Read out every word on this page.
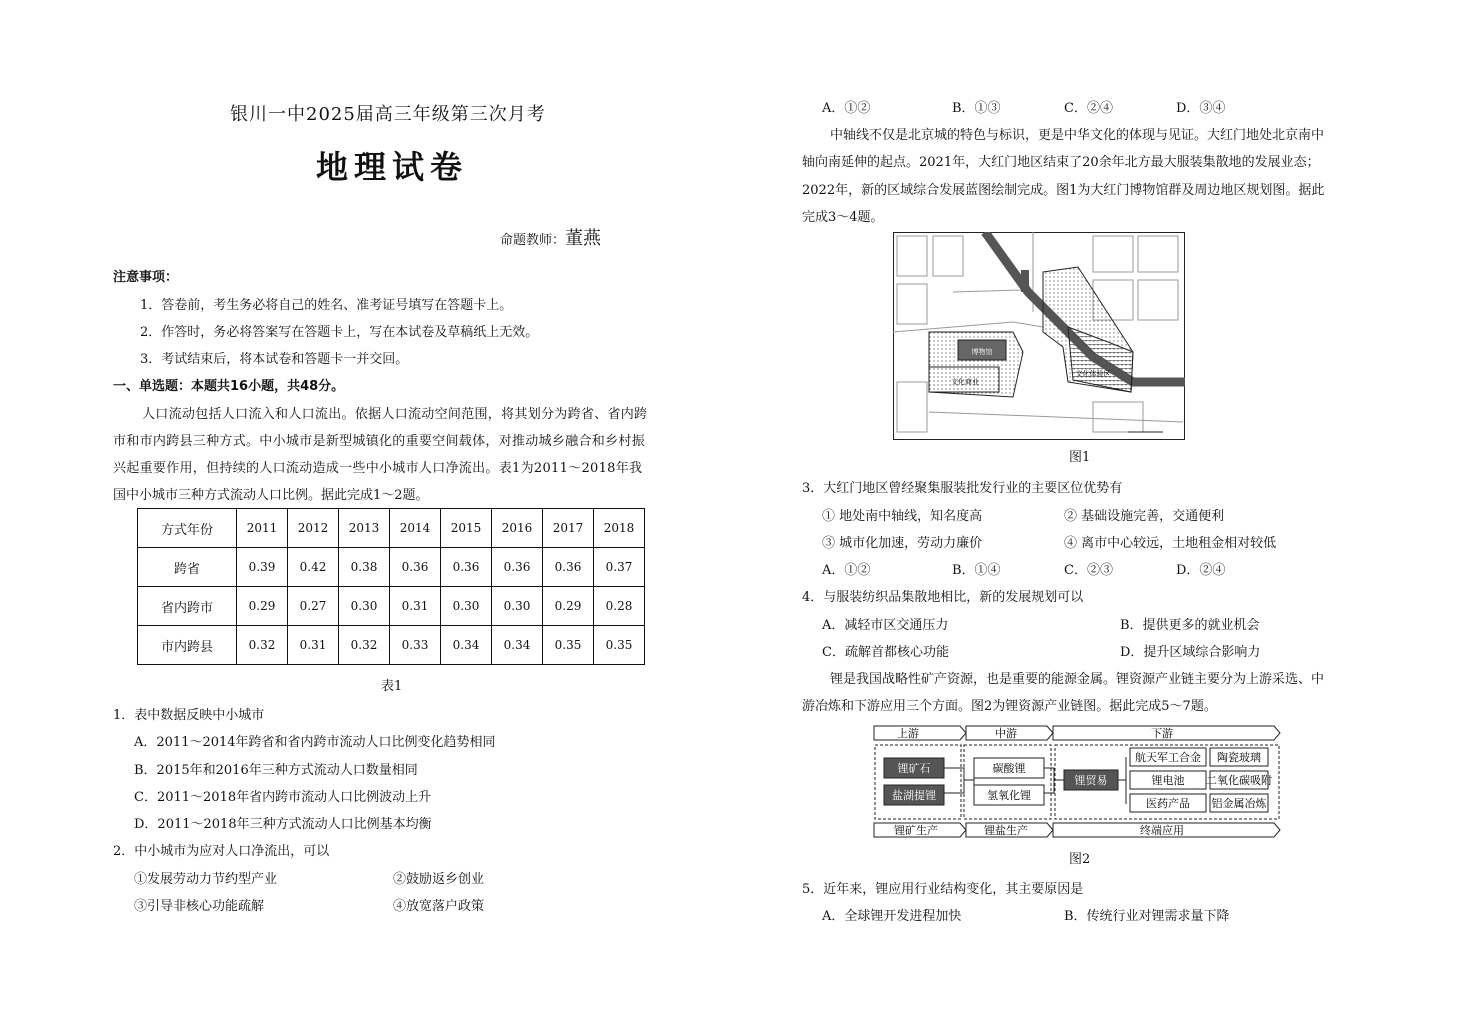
银川一中2025届高三年级第三次月考
地理试卷
命题教师：董燕
注意事项：
1．答卷前，考生务必将自己的姓名、准考证号填写在答题卡上。
2．作答时，务必将答案写在答题卡上，写在本试卷及草稿纸上无效。
3．考试结束后，将本试卷和答题卡一并交回。
一、单选题：本题共16小题，共48分。
人口流动包括人口流入和人口流出。依据人口流动空间范围，将其划分为跨省、省内跨
市和市内跨县三种方式。中小城市是新型城镇化的重要空间载体，对推动城乡融合和乡村振
兴起重要作用，但持续的人口流动造成一些中小城市人口净流出。表1为2011～2018年我
国中小城市三种方式流动人口比例。据此完成1～2题。
方式年份	2011	2012	2013	2014	2015	2016	2017	2018
跨省	0.39	0.42	0.38	0.36	0.36	0.36	0.36	0.37
省内跨市	0.29	0.27	0.30	0.31	0.30	0.30	0.29	0.28
市内跨县	0.32	0.31	0.32	0.33	0.34	0.34	0.35	0.35
表1
1．表中数据反映中小城市
A．2011～2014年跨省和省内跨市流动人口比例变化趋势相同
B．2015年和2016年三种方式流动人口数量相同
C．2011～2018年省内跨市流动人口比例波动上升
D．2011～2018年三种方式流动人口比例基本均衡
2．中小城市为应对人口净流出，可以
①发展劳动力节约型产业	②鼓励返乡创业
③引导非核心功能疏解	④放宽落户政策
A．①②	B．①③	C．②④	D．③④
中轴线不仅是北京城的特色与标识，更是中华文化的体现与见证。大红门地处北京南中
轴向南延伸的起点。2021年，大红门地区结束了20余年北方最大服装集散地的发展业态；
2022年，新的区域综合发展蓝图绘制完成。图1为大红门博物馆群及周边地区规划图。据此
完成3～4题。
博物馆
文化商业
文化体验区
图1
3．大红门地区曾经聚集服装批发行业的主要区位优势有
① 地处南中轴线，知名度高	② 基础设施完善，交通便利
③ 城市化加速，劳动力廉价	④ 离市中心较远，土地租金相对较低
A．①②	B．①④	C．②③	D．②④
4．与服装纺织品集散地相比，新的发展规划可以
A．减轻市区交通压力	B．提供更多的就业机会
C．疏解首都核心功能	D．提升区域综合影响力
锂是我国战略性矿产资源，也是重要的能源金属。锂资源产业链主要分为上游采选、中
游冶炼和下游应用三个方面。图2为锂资源产业链图。据此完成5～7题。
上游	中游	下游
锂矿生产	锂盐生产	终端应用
锂矿石
盐湖提锂
碳酸锂
氢氧化锂
锂贸易
航天军工合金 陶瓷玻璃
锂电池 二氧化碳吸附
医药产品 铝金属冶炼
图2
5．近年来，锂应用行业结构变化，其主要原因是
A．全球锂开发进程加快	B．传统行业对锂需求量下降
